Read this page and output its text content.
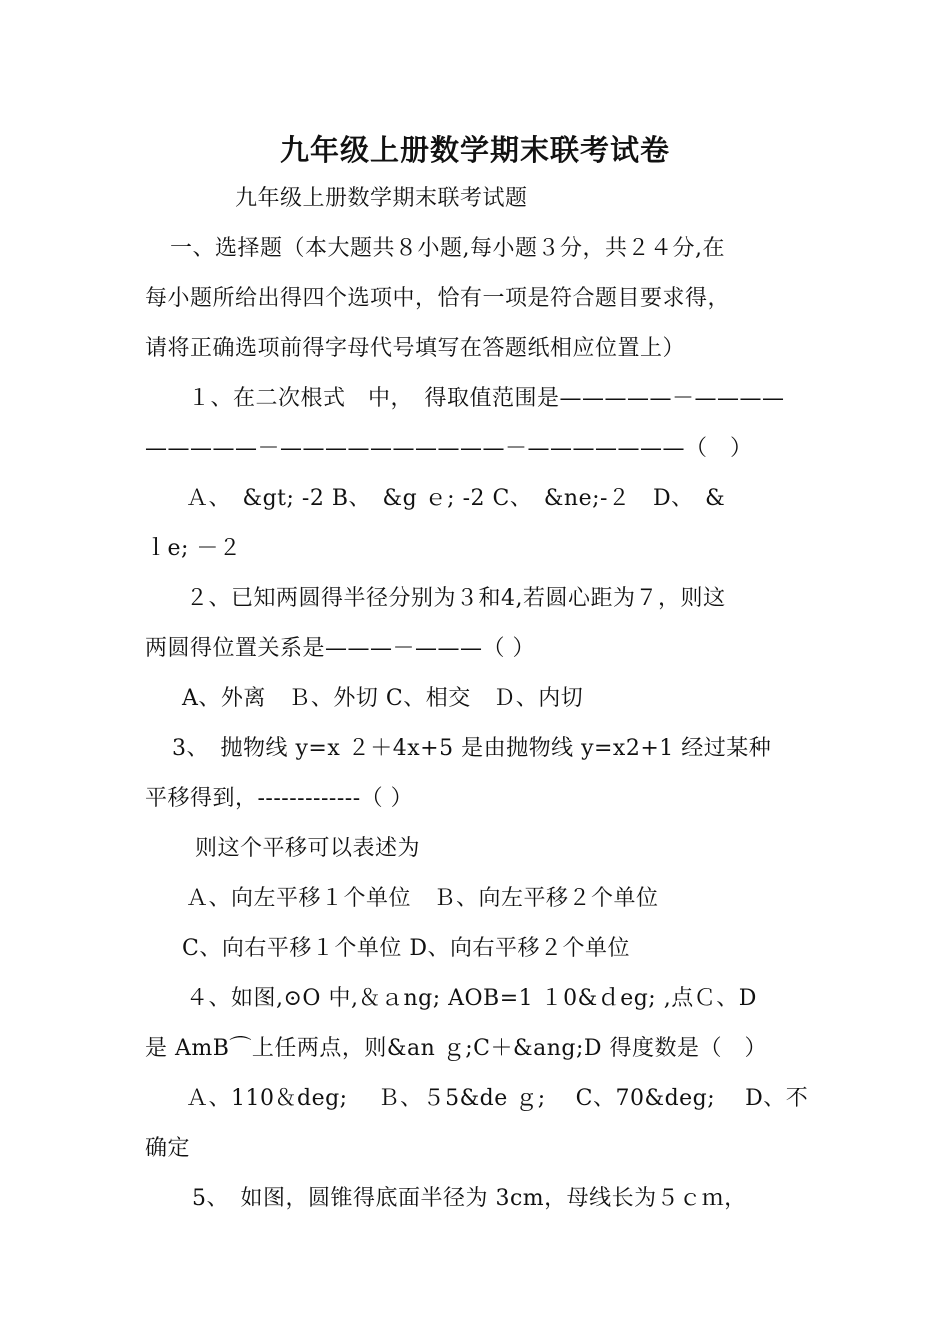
九年级上册数学期末联考试卷
九年级上册数学期末联考试题
一、选择题（本大题共８小题,每小题３分，共２４分,在
每小题所给出得四个选项中，恰有一项是符合题目要求得，
请将正确选项前得字母代号填写在答题纸相应位置上）
１、在二次根式　中，　得取值范围是—————－————
—————－——————————－———————（　）
Ａ、　&gt; -2 B、　&g ｅ; -2 C、　&ne;-２　D、　&
ｌe; －２
２、已知两圆得半径分别为３和4,若圆心距为７，则这
两圆得位置关系是———－———（ ）
A、外离　Ｂ、外切 C、相交　Ｄ、内切
3、　抛物线 y=x ２＋4x+5 是由抛物线 y=x2+1 经过某种
平移得到，-------------（ ）
则这个平移可以表述为
Ａ、向左平移１个单位　Ｂ、向左平移２个单位
C、向右平移１个单位 D、向右平移２个单位
４、如图,⊙O 中,＆ａng; AOB=1 １0&ｄeg; ,点Ｃ、D
是 AmB⌒上任两点，则&an ｇ;C＋&ang;D 得度数是（　）
Ａ、110＆deg;　 Ｂ、５5&de ｇ;　 C、70&deg;　 D、不
确定
5、　如图，圆锥得底面半径为 3cm，母线长为５ｃｍ，
